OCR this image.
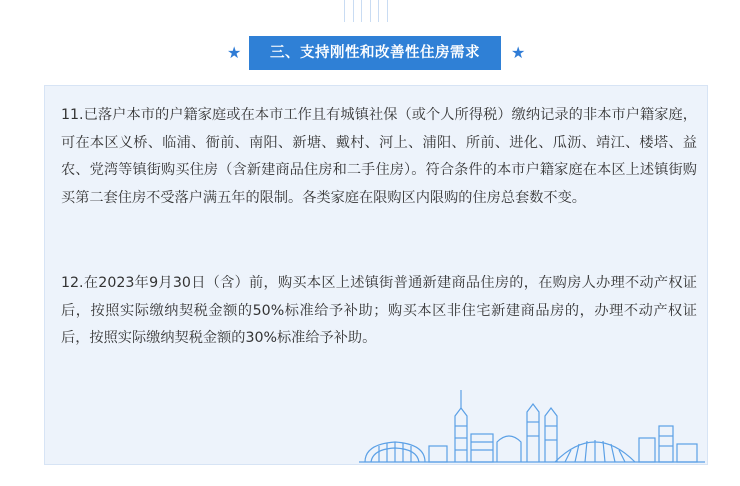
★	三、支持刚性和改善性住房需求	★

11.已落户本市的户籍家庭或在本市工作且有城镇社保（或个人所得税）缴纳记录的非本市户籍家庭，可在本区义桥、临浦、衙前、南阳、新塘、戴村、河上、浦阳、所前、进化、瓜沥、靖江、楼塔、益农、党湾等镇街购买住房（含新建商品住房和二手住房）。符合条件的本市户籍家庭在本区上述镇街购买第二套住房不受落户满五年的限制。各类家庭在限购区内限购的住房总套数不变。

12.在2023年9月30日（含）前，购买本区上述镇街普通新建商品住房的，在购房人办理不动产权证后，按照实际缴纳契税金额的50%标准给予补助；购买本区非住宅新建商品房的，办理不动产权证后，按照实际缴纳契税金额的30%标准给予补助。
